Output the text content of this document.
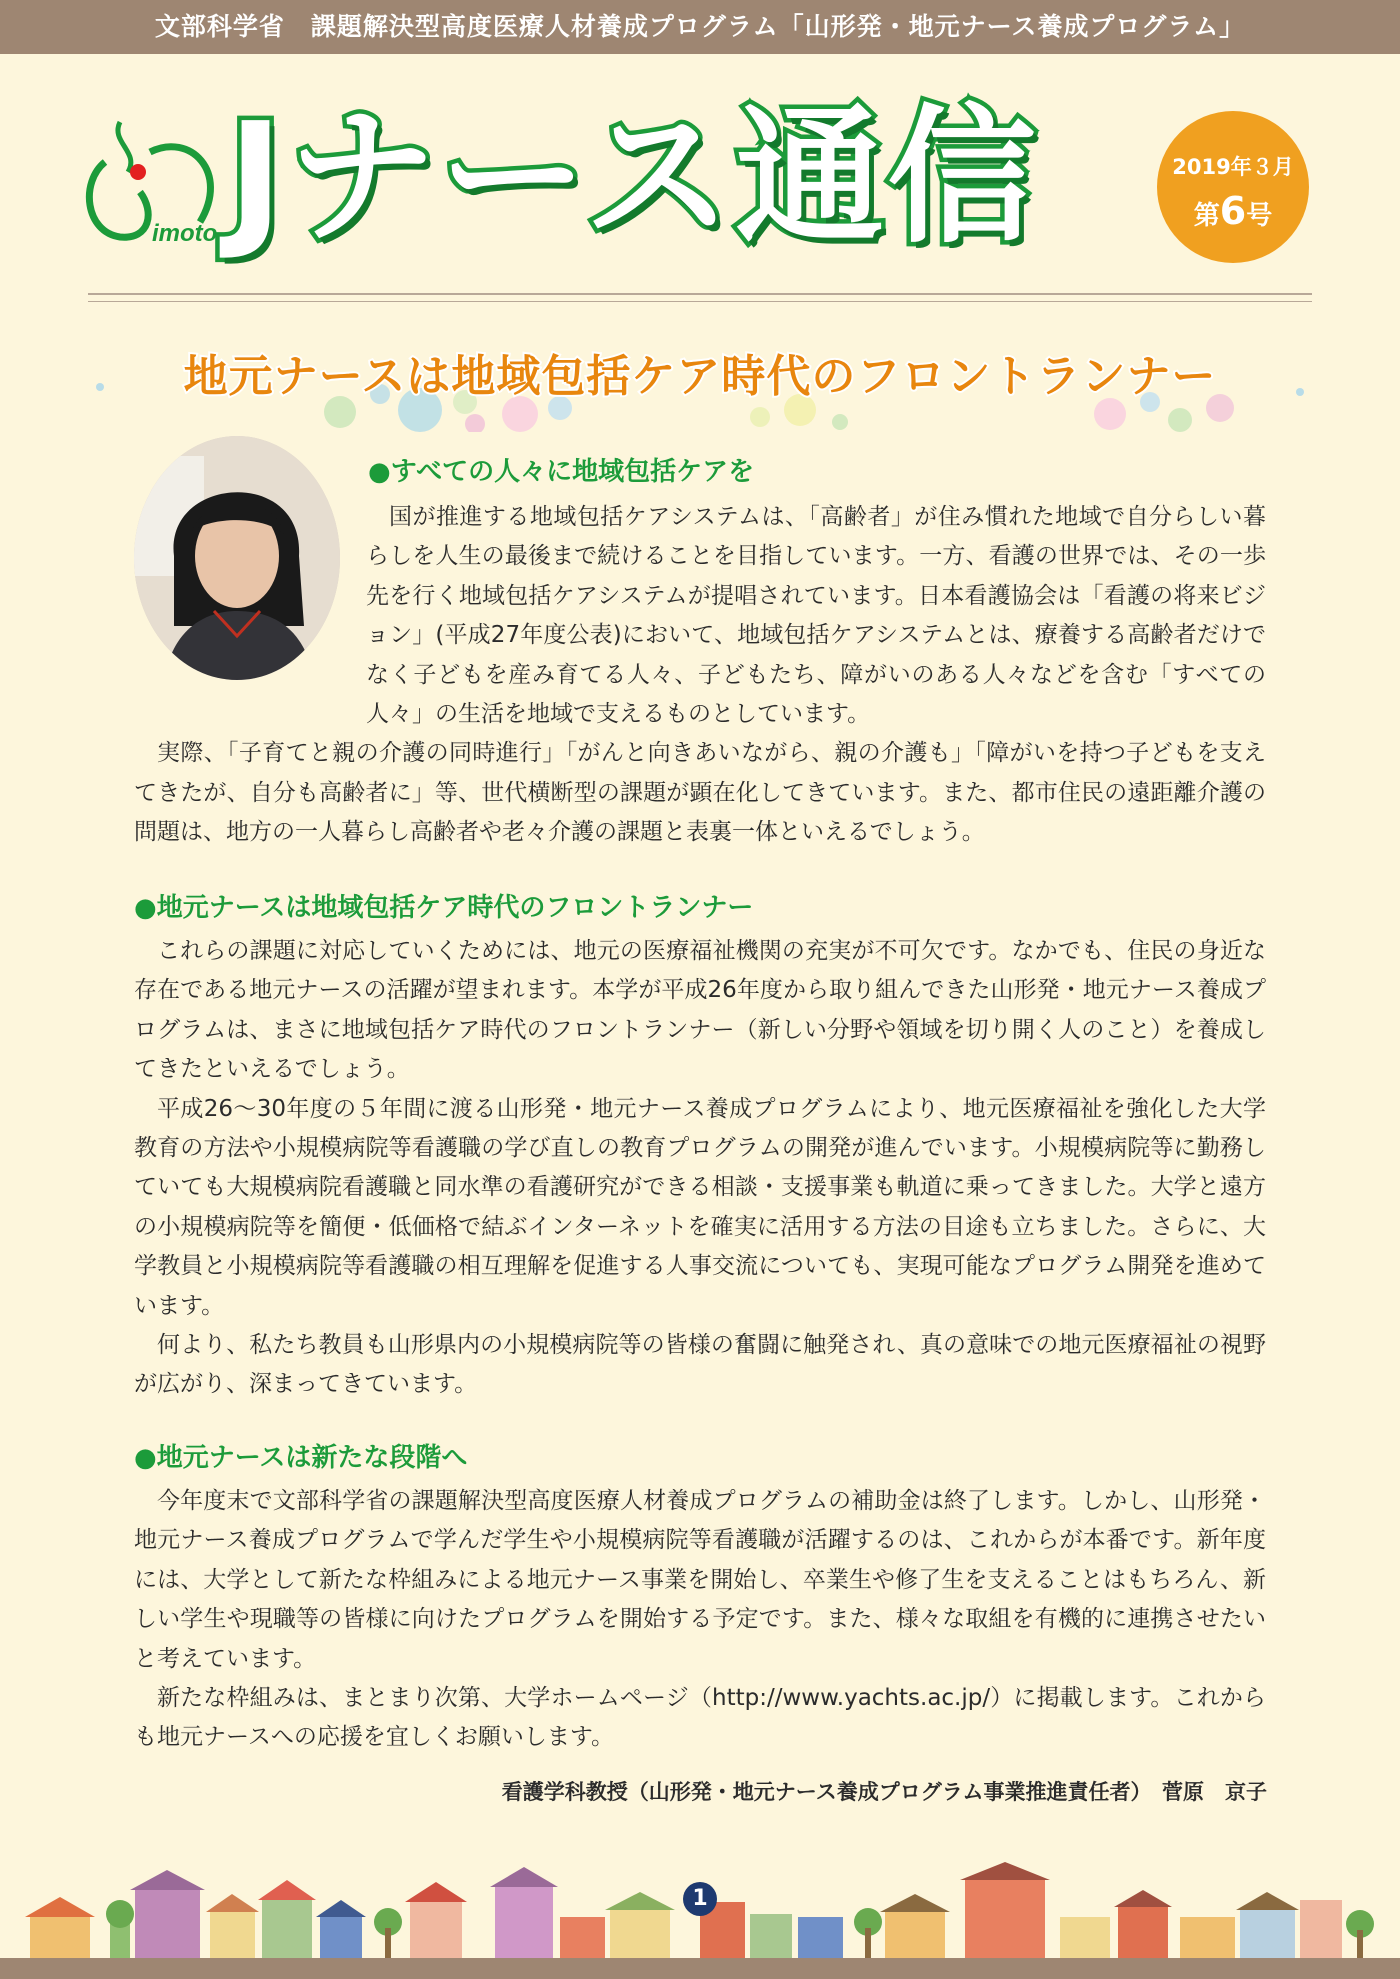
文部科学省　課題解決型高度医療人材養成プログラム「山形発・地元ナース養成プログラム」
imoto Jナース通信	2019年３月
第6号
地元ナースは地域包括ケア時代のフロントランナー
●すべての人々に地域包括ケアを

国が推進する地域包括ケアシステムは、「高齢者」が住み慣れた地域で自分らしい暮らしを人生の最後まで続けることを目指しています。一方、看護の世界では、その一歩先を行く地域包括ケアシステムが提唱されています。日本看護協会は「看護の将来ビジョン」(平成27年度公表)において、地域包括ケアシステムとは、療養する高齢者だけでなく子どもを産み育てる人々、子どもたち、障がいのある人々などを含む「すべての人々」の生活を地域で支えるものとしています。

実際、「子育てと親の介護の同時進行」「がんと向きあいながら、親の介護も」「障がいを持つ子どもを支えてきたが、自分も高齢者に」等、世代横断型の課題が顕在化してきています。また、都市住民の遠距離介護の問題は、地方の一人暮らし高齢者や老々介護の課題と表裏一体といえるでしょう。

●地元ナースは地域包括ケア時代のフロントランナー

これらの課題に対応していくためには、地元の医療福祉機関の充実が不可欠です。なかでも、住民の身近な存在である地元ナースの活躍が望まれます。本学が平成26年度から取り組んできた山形発・地元ナース養成プログラムは、まさに地域包括ケア時代のフロントランナー（新しい分野や領域を切り開く人のこと）を養成してきたといえるでしょう。

平成26～30年度の５年間に渡る山形発・地元ナース養成プログラムにより、地元医療福祉を強化した大学教育の方法や小規模病院等看護職の学び直しの教育プログラムの開発が進んでいます。小規模病院等に勤務していても大規模病院看護職と同水準の看護研究ができる相談・支援事業も軌道に乗ってきました。大学と遠方の小規模病院等を簡便・低価格で結ぶインターネットを確実に活用する方法の目途も立ちました。さらに、大学教員と小規模病院等看護職の相互理解を促進する人事交流についても、実現可能なプログラム開発を進めています。

何より、私たち教員も山形県内の小規模病院等の皆様の奮闘に触発され、真の意味での地元医療福祉の視野が広がり、深まってきています。

●地元ナースは新たな段階へ

今年度末で文部科学省の課題解決型高度医療人材養成プログラムの補助金は終了します。しかし、山形発・地元ナース養成プログラムで学んだ学生や小規模病院等看護職が活躍するのは、これからが本番です。新年度には、大学として新たな枠組みによる地元ナース事業を開始し、卒業生や修了生を支えることはもちろん、新しい学生や現職等の皆様に向けたプログラムを開始する予定です。また、様々な取組を有機的に連携させたいと考えています。

新たな枠組みは、まとまり次第、大学ホームページ（http://www.yachts.ac.jp/）に掲載します。これからも地元ナースへの応援を宜しくお願いします。

看護学科教授（山形発・地元ナース養成プログラム事業推進責任者）　菅原　京子
1
